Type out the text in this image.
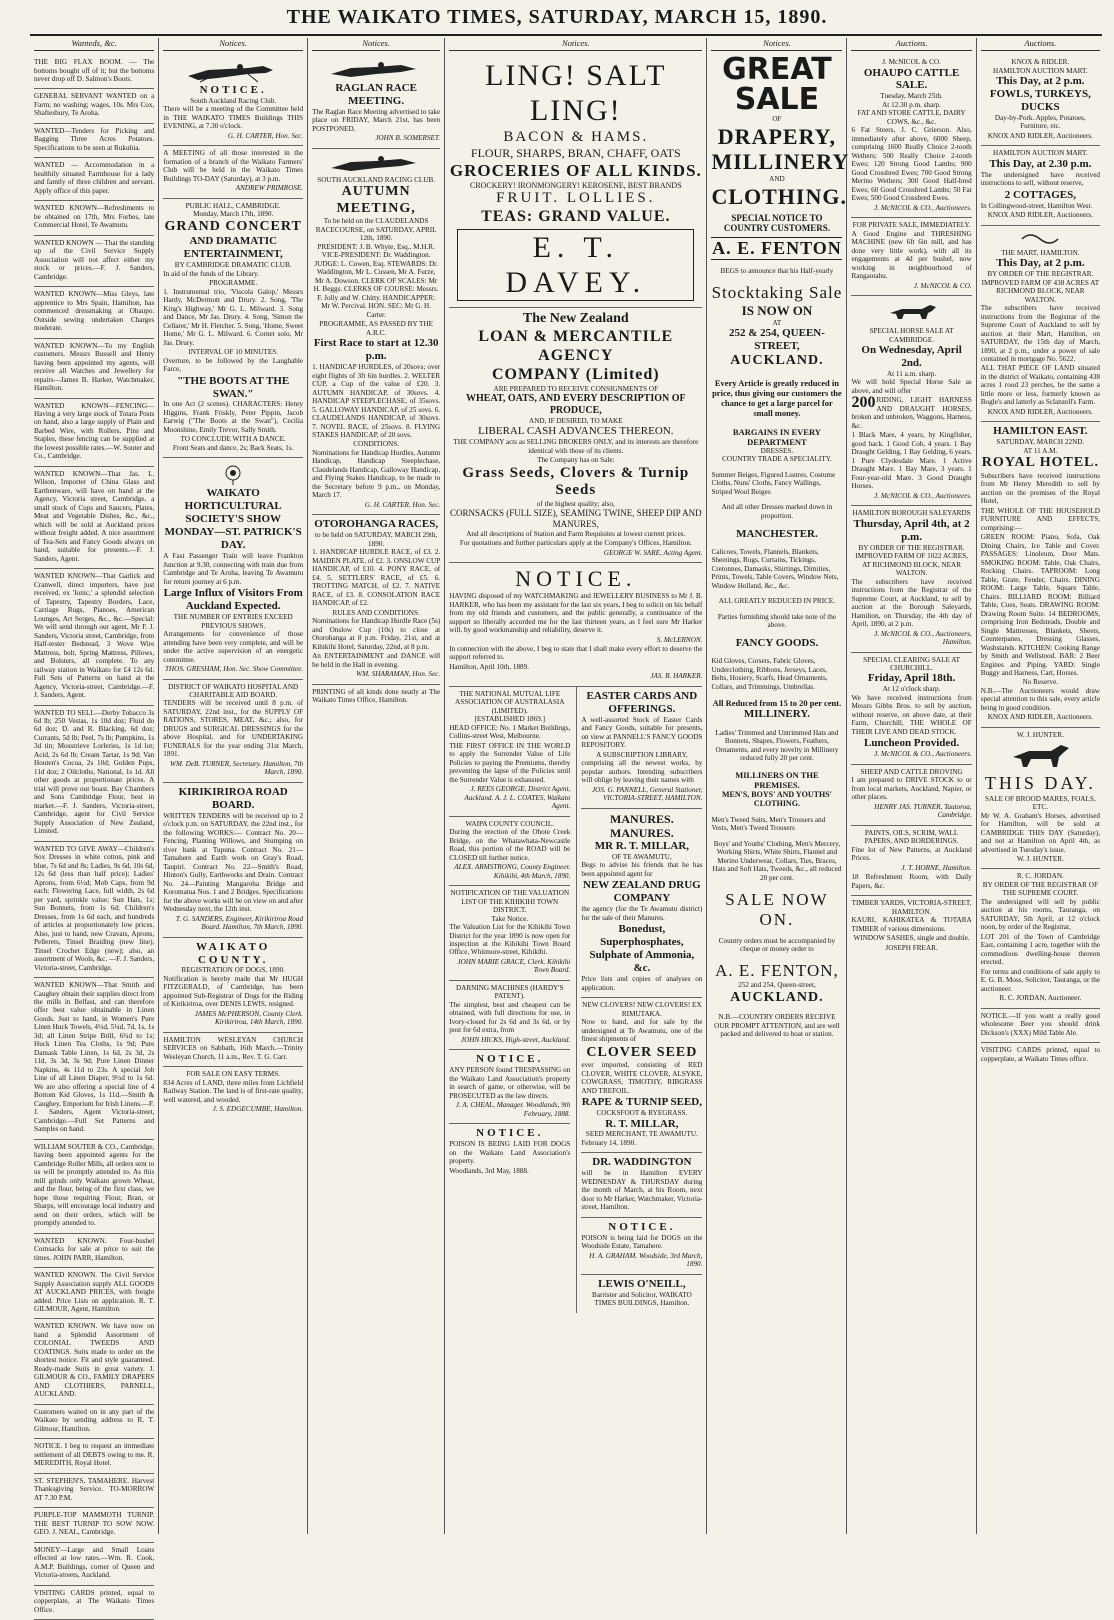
THE WAIKATO TIMES, SATURDAY, MARCH 15, 1890.
Wanteds, &c.

THE BIG FLAX BOOM. — The bottoms bought off of it; but the bottoms never drop off D. Salmon's Boots.

GENERAL SERVANT WANTED on a Farm; no washing; wages, 10s. Mrs Cox, Shaftesbury, Te Aroha.

WANTED—Tenders for Picking and Bagging Three Acres Potatoes. Specifications to be seen at Rukuhia.

WANTED — Accommodation in a healthily situated Farmhouse for a lady and family of three children and servant. Apply office of this paper.

WANTED KNOWN—Refreshments to be obtained on 17th, Mrs Forbes, late Commercial Hotel, Te Awamutu.

WANTED KNOWN — That the standing up of the Civil Service Supply Association will not affect either my stock or prices.—F. J. Sanders, Cambridge.

WANTED KNOWN—Miss Gleys, late apprentice to Mrs Spain, Hamilton, has commenced dressmaking at Ohaupo. Outside sewing undertaken Charges moderate.

WANTED KNOWN—To my English customers. Messrs Bussell and Henry having been appointed my agents, will receive all Watches and Jewellery for repairs—James B. Harker, Watchmaker, Hamilton.

WANTED KNOWN—FENCING—Having a very large stock of Totara Posts on hand, also a large supply of Plain and Barbed Wire, with Rollers, Pins and Staples, these fencing can be supplied at the lowest possible rates.—W. Souter and Co., Cambridge.

WANTED KNOWN—That Jas. L. Wilson, Importer of China Glass and Earthenware, will have on hand at the Agency, Victoria street, Cambridge, a small stock of Cups and Saucers, Plates, Meat and Vegetable Dishes, &c., &c., which will be sold at Auckland prices without freight added. A nice assortment of Tea-Sets and Fancy Goods always on hand, suitable for presents.—F. J. Sanders, Agent.

WANTED KNOWN—That Garlick and Cranwell, direct importers, have just received, ex 'Ionic,' a splendid selection of Tapestry, Tapestry Borders, Lace, Carriage Rugs, Pianoes, American Lounges, Art Serges, &c., &c.—Special: We will send through our agent, Mr F. J. Sanders, Victoria street, Cambridge, from Half-tester Bedstead, 3 Wove Wire Mattress, bolt, Spring Mattress, Pillows, and Bolsters, all complete. To any railway station in Waikato for £4 12s 6d. Full Sets of Patterns on hand at the Agency, Victoria-street, Cambridge.—F. J. Sanders, Agent.

WANTED TO SELL—Derby Tobacco 3s 6d lb; 250 Vestas, 1s 10d doz; Fluid do 6d doz; D. and R. Blacking, 6d doz; Currants, 5d lb; Peel, 7s lb; Pumpkins, 1s 3d tin; Mosstrieve Lorleries, 1s 1d lot; Acid, 2s 6d lb; Cream Tartar, 1s 9d; Van Houten's Cocoa, 2s 10d; Golden Pups, 11d doz; 2 Oilcloths, National, 1s 1d. All other goods at proportionate prices. A trial will prove our boast. Bay Chambers and Sons Cambridge Flour, best in market.—F. J. Sanders, Victoria-street, Cambridge, agent for Civil Service Supply Association of New Zealand, Limited.

WANTED TO GIVE AWAY—Children's Sox Dresses in white cotton, pink and blue, 7s 6d and 8s; Ladies, 9s 6d, 10s 6d, 12s 6d (less than half price); Ladies' Aprons, from 6½d; Mob Caps, from 9d each; Flowering Lace, full width, 2s 6d per yard, sprinkle value; Sun Hats, 1s; Sun Bonnets, from 1s 6d; Children's Dresses, from 1s 6d each, and hundreds of articles at proportionately low prices. Also, just to hand, new Cravats, Aprons, Pellerets, Tinsel Braiding (new line), Tinsel Crochet Edge (new); also, an assortment of Wools, &c. —F. J. Sanders, Victoria-street, Cambridge.

WANTED KNOWN—That Smith and Caughey obtain their supplies direct from the mills in Belfast, and can therefore offer best value obtainable in Linen Goods. Just to hand, in Women's Pure Linen Huck Towels, 4½d, 5¼d, 7d, 1s, 1s 3d; all Linen Stripe Brill, 6¾d to 1s; Huck Linen Tea Cloths, 1s 9d; Pure Damask Table Linen, 1s 6d, 2s 3d, 2s 11d, 3s 3d, 3s 9d; Pure Linen Dinner Napkins, 4s 11d to 23s. A special Job Line of all Linen Diaper, 9½d to 1s 6d. We are also offering a special line of 4 Bottom Kid Gloves, 1s 11d.—Smith & Caughey, Emporium for Irish Linens.—F. J. Sanders, Agent Victoria-street, Cambridge.—Full Set Patterns and Samples on hand.

WILLIAM SOUTER & CO., Cambridge, having been appointed agents for the Cambridge Roller Mills, all orders sent to us will be promptly attended to. As this mill grinds only Waikato grown Wheat, and the flour, being of the first class, we hope those requiring Flour, Bran, or Sharps, will encourage local industry and send on their orders, which will be promptly attended to.

WANTED KNOWN. Four-bushel Cornsacks for sale at price to suit the times. JOHN PARR, Hamilton.

WANTED KNOWN. The Civil Service Supply Association supply ALL GOODS AT AUCKLAND PRICES, with freight added. Price Lists on application. R. T. GILMOUR, Agent, Hamilton.

WANTED KNOWN. We have now on hand a Splendid Assortment of COLONIAL TWEEDS AND COATINGS. Suits made to order on the shortest notice. Fit and style guaranteed. Ready-made Suits in great variety. J. GILMOUR & CO., FAMILY DRAPERS AND CLOTHIERS, PARNELL, AUCKLAND.

Customers waited on in any part of the Waikato by sending address to R. T. Gilmour, Hamilton.

NOTICE. I beg to request an immediate settlement of all DEBTS owing to me. R. MEREDITH, Royal Hotel.

ST. STEPHEN'S, TAMAHERE. Harvest Thanksgiving Service. TO-MORROW AT 7.30 P.M.

PURPLE-TOP MAMMOTH TURNIP. THE BEST TURNIP TO SOW NOW. GEO. J. NEAL, Cambridge.

MONEY—Large and Small Loans effected at low rates.—Wm. R. Cook, A.M.P. Buildings, corner of Queen and Victoria-streets, Auckland.

VISITING CARDS printed, equal to copperplate, at The Waikato Times Office.

Notices.
NOTICE.
South Auckland Racing Club.

There will be a meeting of the Committee held in THE WAIKATO TIMES Buildings THIS EVENING, at 7.30 o'clock.

G. H. CARTER, Hon. Sec.

A MEETING of all those interested in the formation of a branch of the Waikato Farmers' Club will be held in the Waikato Times Buildings TO-DAY (Saturday), at 3 p.m.

ANDREW PRIMROSE.

PUBLIC HALL, CAMBRIDGE.
Monday, March 17th, 1890.
GRAND CONCERT
AND DRAMATIC ENTERTAINMENT,
BY CAMBRIDGE DRAMATIC CLUB.

In aid of the funds of the Library.

PROGRAMME.

1. Instrumental trio, 'Viscola Galop,' Messrs Hardy, McDermott and Drury. 2. Song, 'The King's Highway,' Mr G. L. Milward. 3. Song and Dance, Mr Jas. Drury. 4. Song, 'Simon the Cellarer,' Mr H. Fletcher. 5. Song, 'Home, Sweet Home,' Mr G. L. Milward. 6. Cornet solo, Mr Jas. Drury.

INTERVAL OF 10 MINUTES.

Overture, to be followed by the Laughable Farce,

"THE BOOTS AT THE SWAN."

In one Act (2 scenes). CHARACTERS: Henry Higgins, Frank Friskly, Peter Pippin, Jacob Earwig ("The Boots at the Swan"), Cecilia Moonshine, Emily Trevor, Sally Smith.

TO CONCLUDE WITH A DANCE.

Front Seats and dance, 2s; Back Seats, 1s.

WAIKATO HORTICULTURAL SOCIETY'S SHOW
MONDAY—ST. PATRICK'S DAY.

A Fast Passenger Train will leave Frankton Junction at 9.30, connecting with train due from Cambridge and Te Aroha, leaving Te Awamutu for return journey at 6 p.m.

Large Influx of Visitors From Auckland Expected.
THE NUMBER OF ENTRIES EXCEED PREVIOUS SHOWS.

Arrangements for convenience of those attending have been very complete, and will be under the active supervision of an energetic committee.

THOS. GRESHAM, Hon. Sec. Show Committee.

DISTRICT OF WAIKATO HOSPITAL AND CHARITABLE AID BOARD.

TENDERS will be received until 8 p.m. of SATURDAY, 22nd inst., for the SUPPLY OF RATIONS, STORES, MEAT, &c.; also, for DRUGS and SURGICAL DRESSINGS for the above Hospital, and for UNDERTAKING FUNERALS for the year ending 31st March, 1891.

WM. DeB. TURNER, Secretary. Hamilton, 7th March, 1890.

KIRIKIRIROA ROAD BOARD.

WRITTEN TENDERS will be received up to 2 o'clock p.m. on SATURDAY, the 22nd inst., for the following WORKS:— Contract No. 20—Fencing, Planting Willows, and Stumping on river bank at Tupuna. Contract No. 21—Tamahere and Earth work on Gray's Road, Taupiri. Contract No. 22—Smith's Road, Hinton's Gully, Earthworks and Drain. Contract No. 24—Painting Mangaroha Bridge and Koromatua Nos. 1 and 2 Bridges. Specifications for the above works will be on view on and after Wednesday next, the 12th inst.

T. G. SANDERS, Engineer, Kirikiriroa Road Board. Hamilton, 7th March, 1890.

WAIKATO COUNTY.
REGISTRATION OF DOGS, 1890.

Notification is hereby made that Mr HUGH FITZGERALD, of Cambridge, has been appointed Sub-Registrar of Dogs for the Riding of Kirikiriroa, over DENIS LEWIS, resigned.

JAMES McPHERSON, County Clerk. Kirikiriroa, 14th March, 1890.

HAMILTON WESLEYAN CHURCH SERVICES on Sabbath, 16th March.—Trinity Wesleyan Church, 11 a.m., Rev. T. G. Carr.

FOR SALE ON EASY TERMS.

834 Acres of LAND, three miles from Lichfield Railway Station. The land is of first-rate quality, well watered, and wooded.

J. S. EDGECUMBE, Hamilton.

Notices.
RAGLAN RACE MEETING.

The Raglan Race Meeting advertised to take place on FRIDAY, March 21st, has been POSTPONED.

JOHN B. SOMERSET.

SOUTH AUCKLAND RACING CLUB.
AUTUMN MEETING,
To be held on the CLAUDELANDS RACECOURSE, on SATURDAY, APRIL 12th, 1890.

PRESIDENT: J. B. Whyte, Esq., M.H.R. VICE-PRESIDENT: Dr. Waddington. JUDGE: L. Cowen, Esq. STEWARDS: Dr. Waddington, Mr L. Cussen, Mr A. Furze, Mr A. Dowson. CLERK OF SCALES: Mr H. Beggs. CLERKS OF COURSE: Messrs. F. Jolly and W. Chitty. HANDICAPPER: Mr W. Percival. HON. SEC: Mr G. H. Carter.

PROGRAMME, AS PASSED BY THE A.R.C.
First Race to start at 12.30 p.m.

1. HANDICAP HURDLES, of 20sovs; over eight flights of 3ft 6in hurdles. 2. WELTER CUP, a Cup of the value of £20. 3. AUTUMN HANDICAP, of 30sovs. 4. HANDICAP STEEPLECHASE, of 35sovs. 5. GALLOWAY HANDICAP, of 25 sovs. 6. CLAUDELANDS HANDICAP, of 30sovs. 7. NOVEL RACE, of 25sovs. 8. FLYING STAKES HANDICAP, of 20 sovs.

CONDITIONS.

Nominations for Handicap Hurdles, Autumn Handicap, Handicap Steeplechase, Claudelands Handicap, Galloway Handicap, and Flying Stakes Handicap, to be made to the Secretary before 9 p.m., on Monday, March 17.

G. H. CARTER, Hon. Sec.

OTOROHANGA RACES,
to be held on SATURDAY, MARCH 29th, 1890.

1. HANDICAP HURDLE RACE, of £3. 2. MAIDEN PLATE, of £2. 3. ONSLOW CUP HANDICAP, of £10. 4. PONY RACE, of £4. 5. SETTLERS' RACE, of £5. 6. TROTTING MATCH, of £2. 7. NATIVE RACE, of £3. 8. CONSOLATION RACE HANDICAP, of £2.

RULES AND CONDITIONS.

Nominations for Handicap Hurdle Race (5s) and Onslow Cup (10s) to close at Otorohanga at 8 p.m. Friday, 21st, and at Kihikihi Hotel, Saturday, 22nd, at 8 p.m.

An ENTERTAINMENT and DANCE will be held in the Hall in evening.

WM. SHARAMAN, Hon. Sec.

PRINTING of all kinds done neatly at The Waikato Times Office, Hamilton.

Notices.
LING! SALT LING!
BACON & HAMS.
FLOUR, SHARPS, BRAN, CHAFF, OATS
GROCERIES OF ALL KINDS.
CROCKERY! IRONMONGERY! KEROSENE, BEST BRANDS
FRUIT. LOLLIES.
TEAS: GRAND VALUE.
E. T. DAVEY.
The New Zealand
LOAN & MERCANTILE AGENCY
COMPANY (Limited)
ARE PREPARED TO RECEIVE CONSIGNMENTS OF
WHEAT, OATS, AND EVERY DESCRIPTION OF PRODUCE,
AND, IF DESIRED, TO MAKE
LIBERAL CASH ADVANCES THEREON.

THE COMPANY acts as SELLING BROKERS ONLY, and its interests are therefore identical with those of its clients.

The Company has on Sale:
Grass Seeds, Clovers & Turnip Seeds
of the highest quality; also,
CORNSACKS (FULL SIZE), SEAMING TWINE, SHEEP DIP AND MANURES,

And all descriptions of Station and Farm Requisites at lowest current prices.

For quotations and further particulars apply at the Company's Offices, Hamilton.

GEORGE W. SARE, Acting Agent.

NOTICE.

HAVING disposed of my WATCHMAKING and JEWELLERY BUSINESS to Mr J. B. HARKER, who has been my assistant for the last six years, I beg to solicit on his behalf from my old friends and customers, and the public generally, a continuance of the support so liberally accorded me for the last thirteen years, as I feel sure Mr Harker will, by good workmanship and reliability, deserve it.

S. McLERNON.

In connection with the above, I beg to state that I shall make every effort to deserve the support referred to.

Hamilton, April 10th, 1889.

JAS. B. HARKER.

THE NATIONAL MUTUAL LIFE ASSOCIATION OF AUSTRALASIA (LIMITED).
[ESTABLISHED 1869.]

HEAD OFFICE: No. 1 Market Buildings, Collins-street West, Melbourne.

THE FIRST OFFICE IN THE WORLD to apply the Surrender Value of Life Policies to paying the Premiums, thereby preventing the lapse of the Policies until the Surrender Value is exhausted.

J. REES GEORGE, District Agent, Auckland. A. J. L. COATES, Waikato Agent.

WAIPA COUNTY COUNCIL.

During the erection of the Ohote Creek Bridge, on the Whatawhata-Newcastle Road, this portion of the ROAD will be CLOSED till further notice.

ALEX. ARMSTRONG, County Engineer. Kihikihi, 4th March, 1890.

NOTIFICATION OF THE VALUATION LIST OF THE KIHIKIHI TOWN DISTRICT.
Take Notice.

The Valuation List for the Kihikihi Town District for the year 1890 is now open for inspection at the Kihikihi Town Board Office, Whitmore-street, Kihikihi.

JOHN MARIE GRACE, Clerk. Kihikihi Town Board.

DARNING MACHINES (HARDY'S PATENT).

The simplest, best and cheapest can be obtained, with full directions for use, in Ivory-closed for 2s 6d and 3s 6d, or by post for 6d extra, from

JOHN HICKS, High-street, Auckland.

NOTICE.

ANY PERSON found TRESPASSING on the Waikato Land Association's property in search of game, or otherwise, will be PROSECUTED as the law directs.

J. A. CHEAL, Manager. Woodlands, 9th February, 1888.

NOTICE.

POISON IS BEING LAID FOR DOGS on the Waikato Land Association's property.

Woodlands, 3rd May, 1888.

EASTER CARDS AND OFFERINGS.

A well-assorted Stock of Easter Cards and Fancy Goods, suitable for presents, on view at PANNELL'S FANCY GOODS REPOSITORY.

A SUBSCRIPTION LIBRARY,

comprising all the newest works, by popular authors. Intending subscribers will oblige by leaving their names with

JOS. G. PANNELL, General Stationer, VICTORIA-STREET, HAMILTON.

MANURES. MANURES.
MR R. T. MILLAR,
OF TE AWAMUTU,

Begs to advise his friends that he has been appointed agent for

NEW ZEALAND DRUG COMPANY

the agency (for the Te Awamutu district) for the sale of their Manures.

Bonedust, Superphosphates, Sulphate of Ammonia, &c.

Price lists and copies of analyses on application.

NEW CLOVERS! NEW CLOVERS! EX RIMUTAKA.

Now to hand, and for sale by the undersigned at Te Awamutu, one of the finest shipments of

CLOVER SEED

ever imported, consisting of RED CLOVER, WHITE CLOVER, ALSYKE, COWGRASS, TIMOTHY, RIBGRASS AND TREFOIL.

RAPE & TURNIP SEED,
COCKSFOOT & RYEGRASS.
R. T. MILLAR,
SEED MERCHANT, TE AWAMUTU.

February 14, 1890.

DR. WADDINGTON

will be in Hamilton EVERY WEDNESDAY & THURSDAY during the month of March, at his Room, next door to Mr Harker, Watchmaker, Victoria-street, Hamilton.

NOTICE.

POISON is being laid for DOGS on the Woodside Estate, Tamahere.

H. A. GRAHAM. Woodside, 3rd March, 1890.

LEWIS O'NEILL,

Barrister and Solicitor, WAIKATO TIMES BUILDINGS, Hamilton.

Notices.
GREAT SALE
OF
DRAPERY,
MILLINERY
AND
CLOTHING.
SPECIAL NOTICE TO COUNTRY CUSTOMERS.
A. E. FENTON

BEGS to announce that his Half-yearly

Stocktaking Sale
IS NOW ON
AT
252 & 254, QUEEN-STREET,
AUCKLAND.

Every Article is greatly reduced in price, thus giving our customers the chance to get a large parcel for small money.

BARGAINS IN EVERY DEPARTMENT
DRESSES.
COUNTRY TRADE A SPECIALITY.

Summer Beiges, Figured Lustres, Costume Cloths, Nuns' Cloths, Fancy Wallings, Striped Wool Beiges

And all other Dresses marked down in proportion.

MANCHESTER.

Calicoes, Towels, Flannels, Blankets, Sheetings, Rugs, Curtains, Tickings, Cretonnes, Damasks, Shirtings, Dimities, Prints, Towels, Table Covers, Window Nets, Window Holland, &c., &c.

ALL GREATLY REDUCED IN PRICE.

Parties furnishing should take note of the above.

FANCY GOODS.

Kid Gloves, Corsets, Fabric Gloves, Underclothing, Ribbons, Jerseys, Laces, Belts, Hosiery, Scarfs, Head Ornaments, Collars, and Trimmings, Umbrellas.

All Reduced from 15 to 20 per cent.
MILLINERY.

Ladies' Trimmed and Untrimmed Hats and Bonnets, Shapes, Flowers, Feathers, Ornaments, and every novelty in Millinery reduced fully 20 per cent.

MILLINERS ON THE PREMISES.
MEN'S, BOYS' AND YOUTHS' CLOTHING.

Men's Tweed Suits, Men's Trousers and Vests, Men's Tweed Trousers

Boys' and Youths' Clothing, Men's Mercery, Working Shirts, White Shirts, Flannel and Merino Underwear, Collars, Ties, Braces, Hats and Soft Hats, Tweeds, &c., all reduced 20 per cent.

SALE NOW ON.

Country orders must be accompanied by cheque or money order to

A. E. FENTON,
252 and 254, Queen-street,
AUCKLAND.

N.B.—COUNTRY ORDERS RECEIVE OUR PROMPT ATTENTION, and are well packed and delivered to boat or station.

Auctions.
J. McNICOL & CO.
OHAUPO CATTLE SALE.
Tuesday, March 25th.
At 12.30 p.m. sharp.
FAT AND STORE CATTLE, DAIRY COWS, &c., &c.

6 Fat Steers, J. C. Grierson. Also, immediately after above, 6000 Sheep, comprising 1600 Really Choice 2-tooth Wethers; 500 Really Choice 2-tooth Ewes; 120 Strong Good Lambs; 900 Good Crossbred Ewes; 700 Good Strong Merino Wethers; 300 Good Half-bred Ewes; 60 Good Crossbred Lambs; 50 Fat Ewes; 500 Good Crossbred Ewes.

J. McNICOL & CO., Auctioneers.

FOR PRIVATE SALE, IMMEDIATELY.

A Good Engine and THRESHING MACHINE (new 6ft 6in mill, and has done very little work), with all its engagements at 4d per bushel, now working in neighbourhood of Rangaotahu.

J. McNICOL & CO.

SPECIAL HORSE SALE AT CAMBRIDGE.
On Wednesday, April 2nd.
At 11 a.m. sharp.

We will hold Special Horse Sale as above, and will offer

200 RIDING, LIGHT HARNESS AND DRAUGHT HORSES, broken and unbroken, Waggons, Harness, &c.

1 Black Mare, 4 years, by Kingfisher, good hack. 1 Good Cob, 4 years. 1 Bay Draught Gelding, 1 Bay Gelding, 6 years. 1 Pure Clydesdale Mare. 1 Active Draught Mare. 1 Bay Mare, 3 years. 1 Four-year-old Mare. 3 Good Draught Horses.

J. McNICOL & CO., Auctioneers.

HAMILTON BOROUGH SALEYARDS
Thursday, April 4th, at 2 p.m.
BY ORDER OF THE REGISTRAR.
IMPROVED FARM OF 1022 ACRES, AT RICHMOND BLOCK, NEAR WALTON.

The subscribers have received instructions from the Registrar of the Supreme Court, at Auckland, to sell by auction at the Borough Saleyards, Hamilton, on Thursday, the 4th day of April, 1890, at 2 p.m.

J. McNICOL & CO., Auctioneers, Hamilton.

SPECIAL CLEARING SALE AT CHURCHILL.
Friday, April 18th.
At 12 o'clock sharp.

We have received instructions from Messrs Gibbs Bros. to sell by auction, without reserve, on above date, at their Farm, Churchill, THE WHOLE OF THEIR LIVE AND DEAD STOCK.

Luncheon Provided.

J. McNICOL & CO., Auctioneers.

SHEEP AND CATTLE DROVING

I am prepared to DRIVE STOCK to or from local markets, Auckland, Napier, or other places.

HENRY JAS. TURNER, Tautoroa, Cambridge.

PAINTS, OILS, SCRIM, WALL PAPERS, AND BORDERINGS.

Fine lot of New Patterns, at Auckland Prices.

J. T. HORNE, Hamilton.

18 Refreshment Room, with Daily Papers, &c.

TIMBER YARDS, VICTORIA-STREET, HAMILTON.

KAURI, KAHIKATEA & TOTARA TIMBER of various dimensions.

WINDOW SASHES, single and double.

JOSEPH FREAR.

Auctions.
KNOX & RIDLER.
HAMILTON AUCTION MART.
This Day, at 2 p.m.
FOWLS, TURKEYS, DUCKS

Day-by-Pork. Apples, Potatoes, Furniture, etc.

KNOX AND RIDLER, Auctioneers.

HAMILTON AUCTION MART.
This Day, at 2.30 p.m.

The undersigned have received instructions to sell, without reserve,

2 COTTAGES,

In Collingwood-street, Hamilton West.

KNOX AND RIDLER, Auctioneers.

THE MART, HAMILTON.
This Day, at 2 p.m.
BY ORDER OF THE REGISTRAR.
IMPROVED FARM OF 438 ACRES AT RICHMOND BLOCK, NEAR WALTON.

The subscribers have received instructions from the Registrar of the Supreme Court of Auckland to sell by auction at their Mart, Hamilton, on SATURDAY, the 15th day of March, 1890, at 2 p.m., under a power of sale contained in mortgage No. 5622.

ALL THAT PIECE OF LAND situated in the district of Waikato, containing 438 acres 1 rood 23 perches, be the same a little more or less, formerly known as Bogle's and latterly as Sclanzell's Farm.

KNOX AND RIDLER, Auctioneers.

HAMILTON EAST.
SATURDAY, MARCH 22ND.
AT 11 A.M.
ROYAL HOTEL.

Subscribers have received instructions from Mr Henry Meredith to sell by auction on the premises of the Royal Hotel,

THE WHOLE OF THE HOUSEHOLD FURNITURE AND EFFECTS, comprising:—

GREEN ROOM: Piano, Sofa, Oak Dining Chairs, Ice Table and Cover. PASSAGES: Linoleum, Door Mats. SMOKING ROOM: Table, Oak Chairs, Rocking Chairs. TAPROOM: Long Table, Grate, Fender, Chairs. DINING ROOM: Large Table, Square Table, Chairs. BILLIARD ROOM: Billiard Table, Cues, Seats. DRAWING ROOM: Drawing Room Suite. 14 BEDROOMS, comprising Iron Bedsteads, Double and Single Mattresses, Blankets, Sheets, Counterpanes, Dressing Glasses, Washstands. KITCHEN: Cooking Range by Smith and Wellstood. BAR: 2 Beer Engines and Piping. YARD: Single Buggy and Harness, Cart, Horses.

No Reserve.

N.B.—The Auctioneers would draw special attention to this sale, every article being in good condition.

KNOX AND RIDLER, Auctioneers.

W. J. HUNTER.
THIS DAY.
SALE OF BROOD MARES, FOALS, ETC.

Mr W. A. Graham's Horses, advertised for Hamilton, will be sold at CAMBRIDGE THIS DAY (Saturday), and not at Hamilton on April 4th, as advertised in Tuesday's issue.

W. J. HUNTER.

R. C. JORDAN.
BY ORDER OF THE REGISTRAR OF THE SUPREME COURT.

The undersigned will sell by public auction at his rooms, Tauranga, on SATURDAY, 5th April, at 12 o'clock noon, by order of the Registrar,

LOT 201 of the Town of Cambridge East, containing 1 acre, together with the commodious dwelling-house thereon erected.

For terms and conditions of sale apply to E. G. B. Moss, Solicitor, Tauranga, or the auctioneer.

R. C. JORDAN, Auctioneer.

NOTICE.—If you want a really good wholesome Beer you should drink Dickson's (XXX) Mild Table Ale.

VISITING CARDS printed, equal to copperplate, at Waikato Times office.
